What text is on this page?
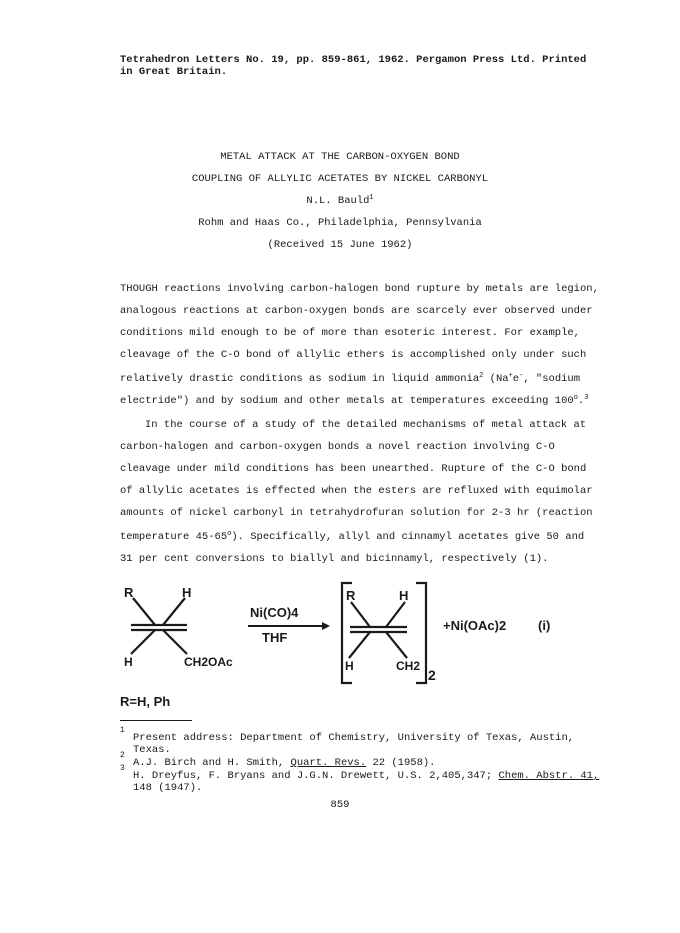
Tetrahedron Letters No. 19, pp. 859-861, 1962. Pergamon Press Ltd. Printed
in Great Britain.
METAL ATTACK AT THE CARBON-OXYGEN BOND
COUPLING OF ALLYLIC ACETATES BY NICKEL CARBONYL
N.L. Bauld$^1$
Rohm and Haas Co., Philadelphia, Pennsylvania
(Received 15 June 1962)
THOUGH reactions involving carbon-halogen bond rupture by metals are legion,
analogous reactions at carbon-oxygen bonds are scarcely ever observed under
conditions mild enough to be of more than esoteric interest. For example,
cleavage of the C-O bond of allylic ethers is accomplished only under such
relatively drastic conditions as sodium in liquid ammonia$^2$ (Na+e-, "sodium
electride") and by sodium and other metals at temperatures exceeding 100$^o$.$^3$
In the course of a study of the detailed mechanisms of metal attack at
carbon-halogen and carbon-oxygen bonds a novel reaction involving C-O
cleavage under mild conditions has been unearthed. Rupture of the C-O bond
of allylic acetates is effected when the esters are refluxed with equimolar
amounts of nickel carbonyl in tetrahydrofuran solution for 2-3 hr (reaction
temperature 45-65$^o$). Specifically, allyl and cinnamyl acetates give 50 and
31 per cent conversions to biallyl and bicinnamyl, respectively (1).
R	H
H	CH2OAc
Ni(CO)4
THF
R	H
H	CH2
2
+Ni(OAc)2 (i)
R=H, Ph
1
Present address: Department of Chemistry, University of Texas, Austin,
Texas.
2
A.J. Birch and H. Smith, Quart. Revs. 22 (1958).
3
H. Dreyfus, F. Bryans and J.G.N. Drewett, U.S. 2,405,347; Chem. Abstr. 41,
148 (1947).
859
